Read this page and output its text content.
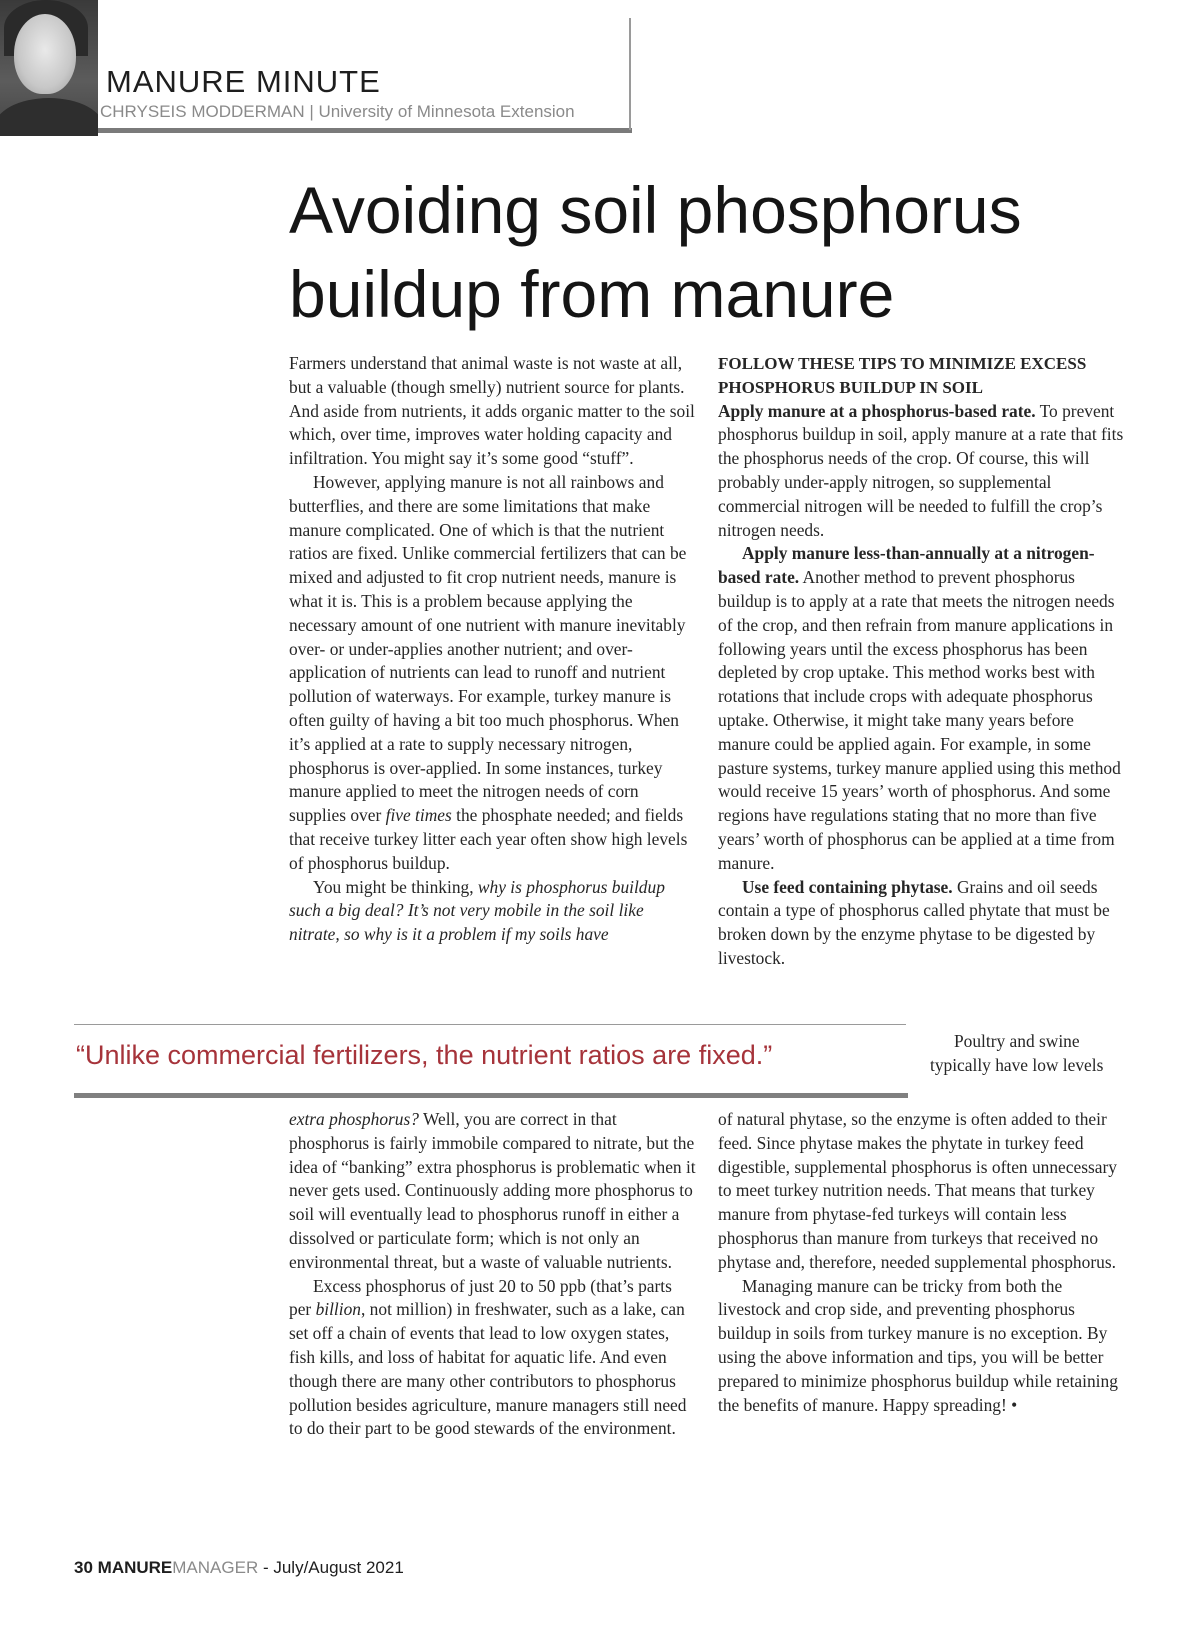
MANURE MINUTE
CHRYSEIS MODDERMAN | University of Minnesota Extension
Avoiding soil phosphorus buildup from manure

Farmers understand that animal waste is not waste at all, but a valuable (though smelly) nutrient source for plants. And aside from nutrients, it adds organic matter to the soil which, over time, improves water holding capacity and infiltration. You might say it’s some good “stuff”.

However, applying manure is not all rainbows and butterflies, and there are some limitations that make manure complicated. One of which is that the nutrient ratios are fixed. Unlike commercial fertilizers that can be mixed and adjusted to fit crop nutrient needs, manure is what it is. This is a problem because applying the necessary amount of one nutrient with manure inevitably over- or under-applies another nutrient; and over-application of nutrients can lead to runoff and nutrient pollution of waterways. For example, turkey manure is often guilty of having a bit too much phosphorus. When it’s applied at a rate to supply necessary nitrogen, phosphorus is over-applied. In some instances, turkey manure applied to meet the nitrogen needs of corn supplies over five times the phosphate needed; and fields that receive turkey litter each year often show high levels of phosphorus buildup.

You might be thinking, why is phosphorus buildup such a big deal? It’s not very mobile in the soil like nitrate, so why is it a problem if my soils have

“Unlike commercial fertilizers, the nutrient ratios are fixed.”

extra phosphorus? Well, you are correct in that phosphorus is fairly immobile compared to nitrate, but the idea of “banking” extra phosphorus is problematic when it never gets used. Continuously adding more phosphorus to soil will eventually lead to phosphorus runoff in either a dissolved or particulate form; which is not only an environmental threat, but a waste of valuable nutrients.

Excess phosphorus of just 20 to 50 ppb (that’s parts per billion, not million) in freshwater, such as a lake, can set off a chain of events that lead to low oxygen states, fish kills, and loss of habitat for aquatic life. And even though there are many other contributors to phosphorus pollution besides agriculture, manure managers still need to do their part to be good stewards of the environment.

FOLLOW THESE TIPS TO MINIMIZE EXCESS PHOSPHORUS BUILDUP IN SOIL

Apply manure at a phosphorus-based rate. To prevent phosphorus buildup in soil, apply manure at a rate that fits the phosphorus needs of the crop. Of course, this will probably under-apply nitrogen, so supplemental commercial nitrogen will be needed to fulfill the crop’s nitrogen needs.

Apply manure less-than-annually at a nitrogen-based rate. Another method to prevent phosphorus buildup is to apply at a rate that meets the nitrogen needs of the crop, and then refrain from manure applications in following years until the excess phosphorus has been depleted by crop uptake. This method works best with rotations that include crops with adequate phosphorus uptake. Otherwise, it might take many years before manure could be applied again. For example, in some pasture systems, turkey manure applied using this method would receive 15 years’ worth of phosphorus. And some regions have regulations stating that no more than five years’ worth of phosphorus can be applied at a time from manure.

Use feed containing phytase. Grains and oil seeds contain a type of phosphorus called phytate that must be broken down by the enzyme phytase to be digested by livestock.

Poultry and swine typically have low levels

of natural phytase, so the enzyme is often added to their feed. Since phytase makes the phytate in turkey feed digestible, supplemental phosphorus is often unnecessary to meet turkey nutrition needs. That means that turkey manure from phytase-fed turkeys will contain less phosphorus than manure from turkeys that received no phytase and, therefore, needed supplemental phosphorus.

Managing manure can be tricky from both the livestock and crop side, and preventing phosphorus buildup in soils from turkey manure is no exception. By using the above information and tips, you will be better prepared to minimize phosphorus buildup while retaining the benefits of manure. Happy spreading! •

30 MANUREMANAGER - July/August 2021
